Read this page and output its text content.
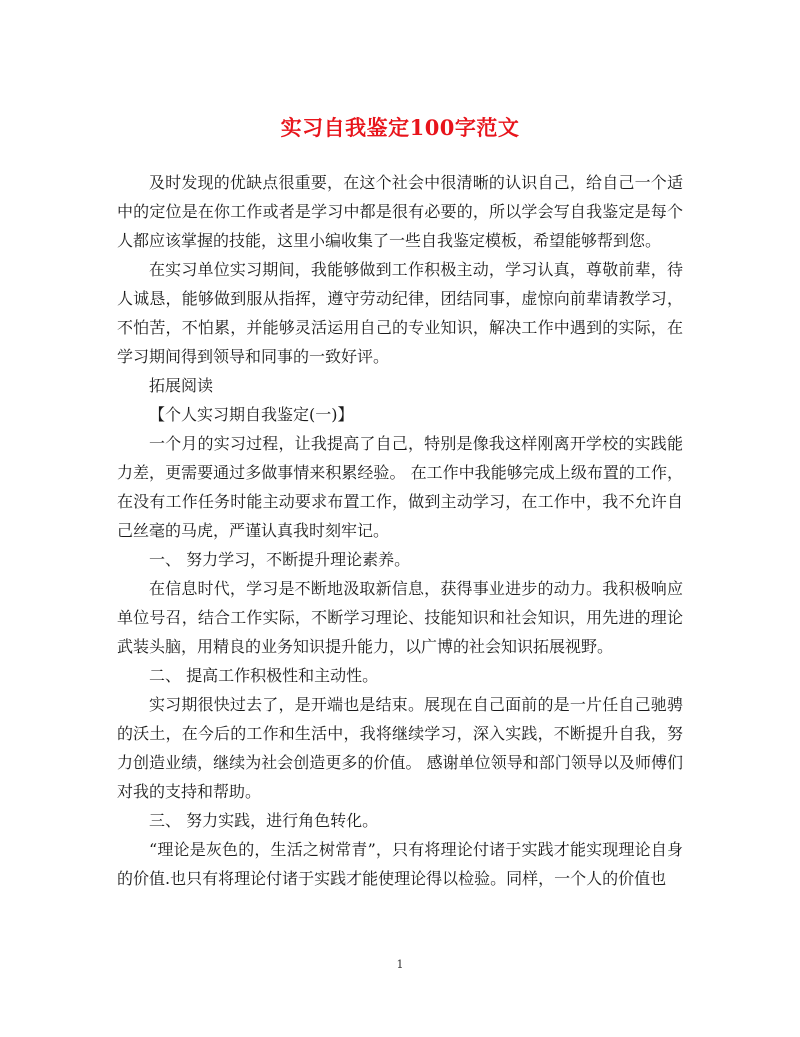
实习自我鉴定100字范文

及时发现的优缺点很重要，在这个社会中很清晰的认识自己，给自己一个适中的定位是在你工作或者是学习中都是很有必要的，所以学会写自我鉴定是每个人都应该掌握的技能，这里小编收集了一些自我鉴定模板，希望能够帮到您。

在实习单位实习期间，我能够做到工作积极主动，学习认真，尊敬前辈，待人诚恳，能够做到服从指挥，遵守劳动纪律，团结同事，虚惊向前辈请教学习，不怕苦，不怕累，并能够灵活运用自己的专业知识，解决工作中遇到的实际，在学习期间得到领导和同事的一致好评。

拓展阅读

【个人实习期自我鉴定(一)】

一个月的实习过程，让我提高了自己，特别是像我这样刚离开学校的实践能力差，更需要通过多做事情来积累经验。 在工作中我能够完成上级布置的工作，在没有工作任务时能主动要求布置工作，做到主动学习，在工作中，我不允许自己丝毫的马虎，严谨认真我时刻牢记。

一、 努力学习，不断提升理论素养。

在信息时代，学习是不断地汲取新信息，获得事业进步的动力。我积极响应单位号召，结合工作实际，不断学习理论、技能知识和社会知识，用先进的理论武装头脑，用精良的业务知识提升能力，以广博的社会知识拓展视野。

二、 提高工作积极性和主动性。

实习期很快过去了，是开端也是结束。展现在自己面前的是一片任自己驰骋的沃土，在今后的工作和生活中，我将继续学习，深入实践，不断提升自我，努力创造业绩，继续为社会创造更多的价值。 感谢单位领导和部门领导以及师傅们对我的支持和帮助。

三、 努力实践，进行角色转化。

“理论是灰色的，生活之树常青”，只有将理论付诸于实践才能实现理论自身的价值.也只有将理论付诸于实践才能使理论得以检验。同样，一个人的价值也

1
